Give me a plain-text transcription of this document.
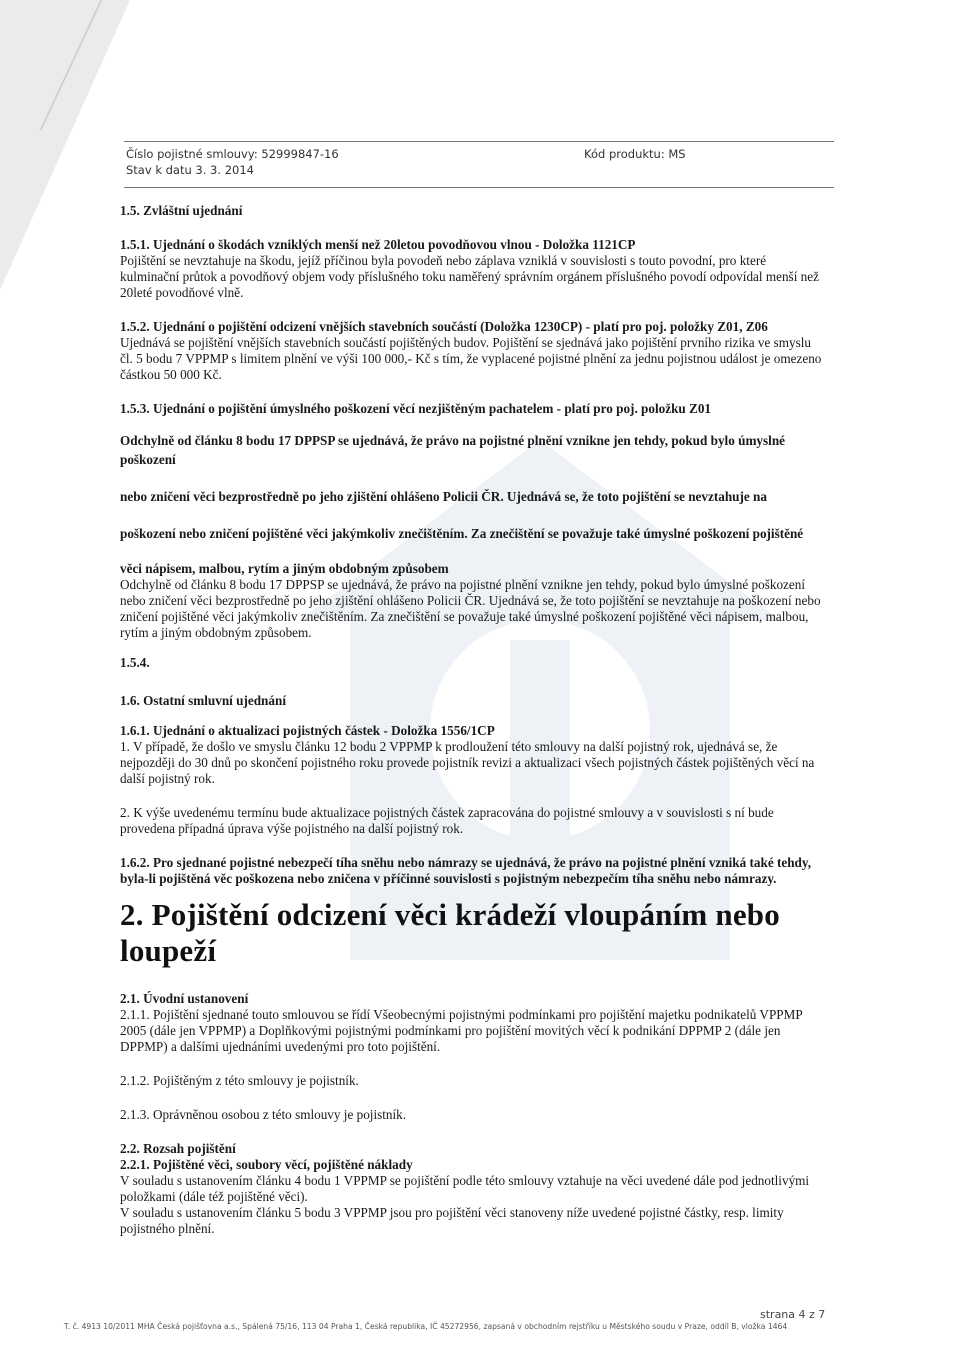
Číslo pojistné smlouvy: 52999847-16
Stav k datu 3. 3. 2014
Kód produktu: MS

1.5. Zvláštní ujednání

1.5.1. Ujednání o škodách vzniklých menší než 20letou povodňovou vlnou - Doložka 1121CP

Pojištění se nevztahuje na škodu, jejíž příčinou byla povodeň nebo záplava vzniklá v souvislosti s touto povodní, pro které kulminační průtok a povodňový objem vody příslušného toku naměřený správním orgánem příslušného povodí odpovídal menší než 20leté povodňové vlně.

1.5.2. Ujednání o pojištění odcizení vnějších stavebních součástí (Doložka 1230CP) - platí pro poj. položky Z01, Z06

Ujednává se pojištění vnějších stavebních součástí pojištěných budov. Pojištění se sjednává jako pojištění prvního rizika ve smyslu čl. 5 bodu 7 VPPMP s limitem plnění ve výši 100 000,- Kč s tím, že vyplacené pojistné plnění za jednu pojistnou událost je omezeno částkou 50 000 Kč.

1.5.3. Ujednání o pojištění úmyslného poškození věcí nezjištěným pachatelem - platí pro poj. položku Z01

Odchylně od článku 8 bodu 17 DPPSP se ujednává, že právo na pojistné plnění vznikne jen tehdy, pokud bylo úmyslné poškození

nebo zničení věci bezprostředně po jeho zjištění ohlášeno Policii ČR. Ujednává se, že toto pojištění se nevztahuje na

poškození nebo zničení pojištěné věci jakýmkoliv znečištěním. Za znečištění se považuje také úmyslné poškození pojištěné

věci nápisem, malbou, rytím a jiným obdobným způsobem

Odchylně od článku 8 bodu 17 DPPSP se ujednává, že právo na pojistné plnění vznikne jen tehdy, pokud bylo úmyslné poškození nebo zničení věci bezprostředně po jeho zjištění ohlášeno Policii ČR. Ujednává se, že toto pojištění se nevztahuje na poškození nebo zničení pojištěné věci jakýmkoliv znečištěním. Za znečištění se považuje také úmyslné poškození pojištěné věci nápisem, malbou, rytím a jiným obdobným způsobem.

1.5.4.

1.6. Ostatní smluvní ujednání

1.6.1. Ujednání o aktualizaci pojistných částek - Doložka 1556/1CP

1. V případě, že došlo ve smyslu článku 12 bodu 2 VPPMP k prodloužení této smlouvy na další pojistný rok, ujednává se, že nejpozději do 30 dnů po skončení pojistného roku provede pojistník revizi a aktualizaci všech pojistných částek pojištěných věcí na další pojistný rok.

2. K výše uvedenému termínu bude aktualizace pojistných částek zapracována do pojistné smlouvy a v souvislosti s ní bude provedena případná úprava výše pojistného na další pojistný rok.

1.6.2. Pro sjednané pojistné nebezpečí tíha sněhu nebo námrazy se ujednává, že právo na pojistné plnění vzniká také tehdy, byla-li pojištěná věc poškozena nebo zničena v příčinné souvislosti s pojistným nebezpečím tíha sněhu nebo námrazy.

2. Pojištění odcizení věci krádeží vloupáním nebo loupeží

2.1. Úvodní ustanovení

2.1.1. Pojištění sjednané touto smlouvou se řídí Všeobecnými pojistnými podmínkami pro pojištění majetku podnikatelů VPPMP 2005 (dále jen VPPMP) a Doplňkovými pojistnými podmínkami pro pojištění movitých věcí k podnikání DPPMP 2 (dále jen DPPMP) a dalšími ujednáními uvedenými pro toto pojištění.

2.1.2. Pojištěným z této smlouvy je pojistník.

2.1.3. Oprávněnou osobou z této smlouvy je pojistník.

2.2. Rozsah pojištění

2.2.1. Pojištěné věci, soubory věcí, pojištěné náklady

V souladu s ustanovením článku 4 bodu 1 VPPMP se pojištění podle této smlouvy vztahuje na věci uvedené dále pod jednotlivými položkami (dále též pojištěné věci).

V souladu s ustanovením článku 5 bodu 3 VPPMP jsou pro pojištění věci stanoveny níže uvedené pojistné částky, resp. limity pojistného plnění.

strana 4 z 7
T. č. 4913 10/2011 MHA Česká pojišťovna a.s., Spálená 75/16, 113 04 Praha 1, Česká republika, IČ 45272956, zapsaná v obchodním rejstříku u Městského soudu v Praze, oddíl B, vložka 1464
